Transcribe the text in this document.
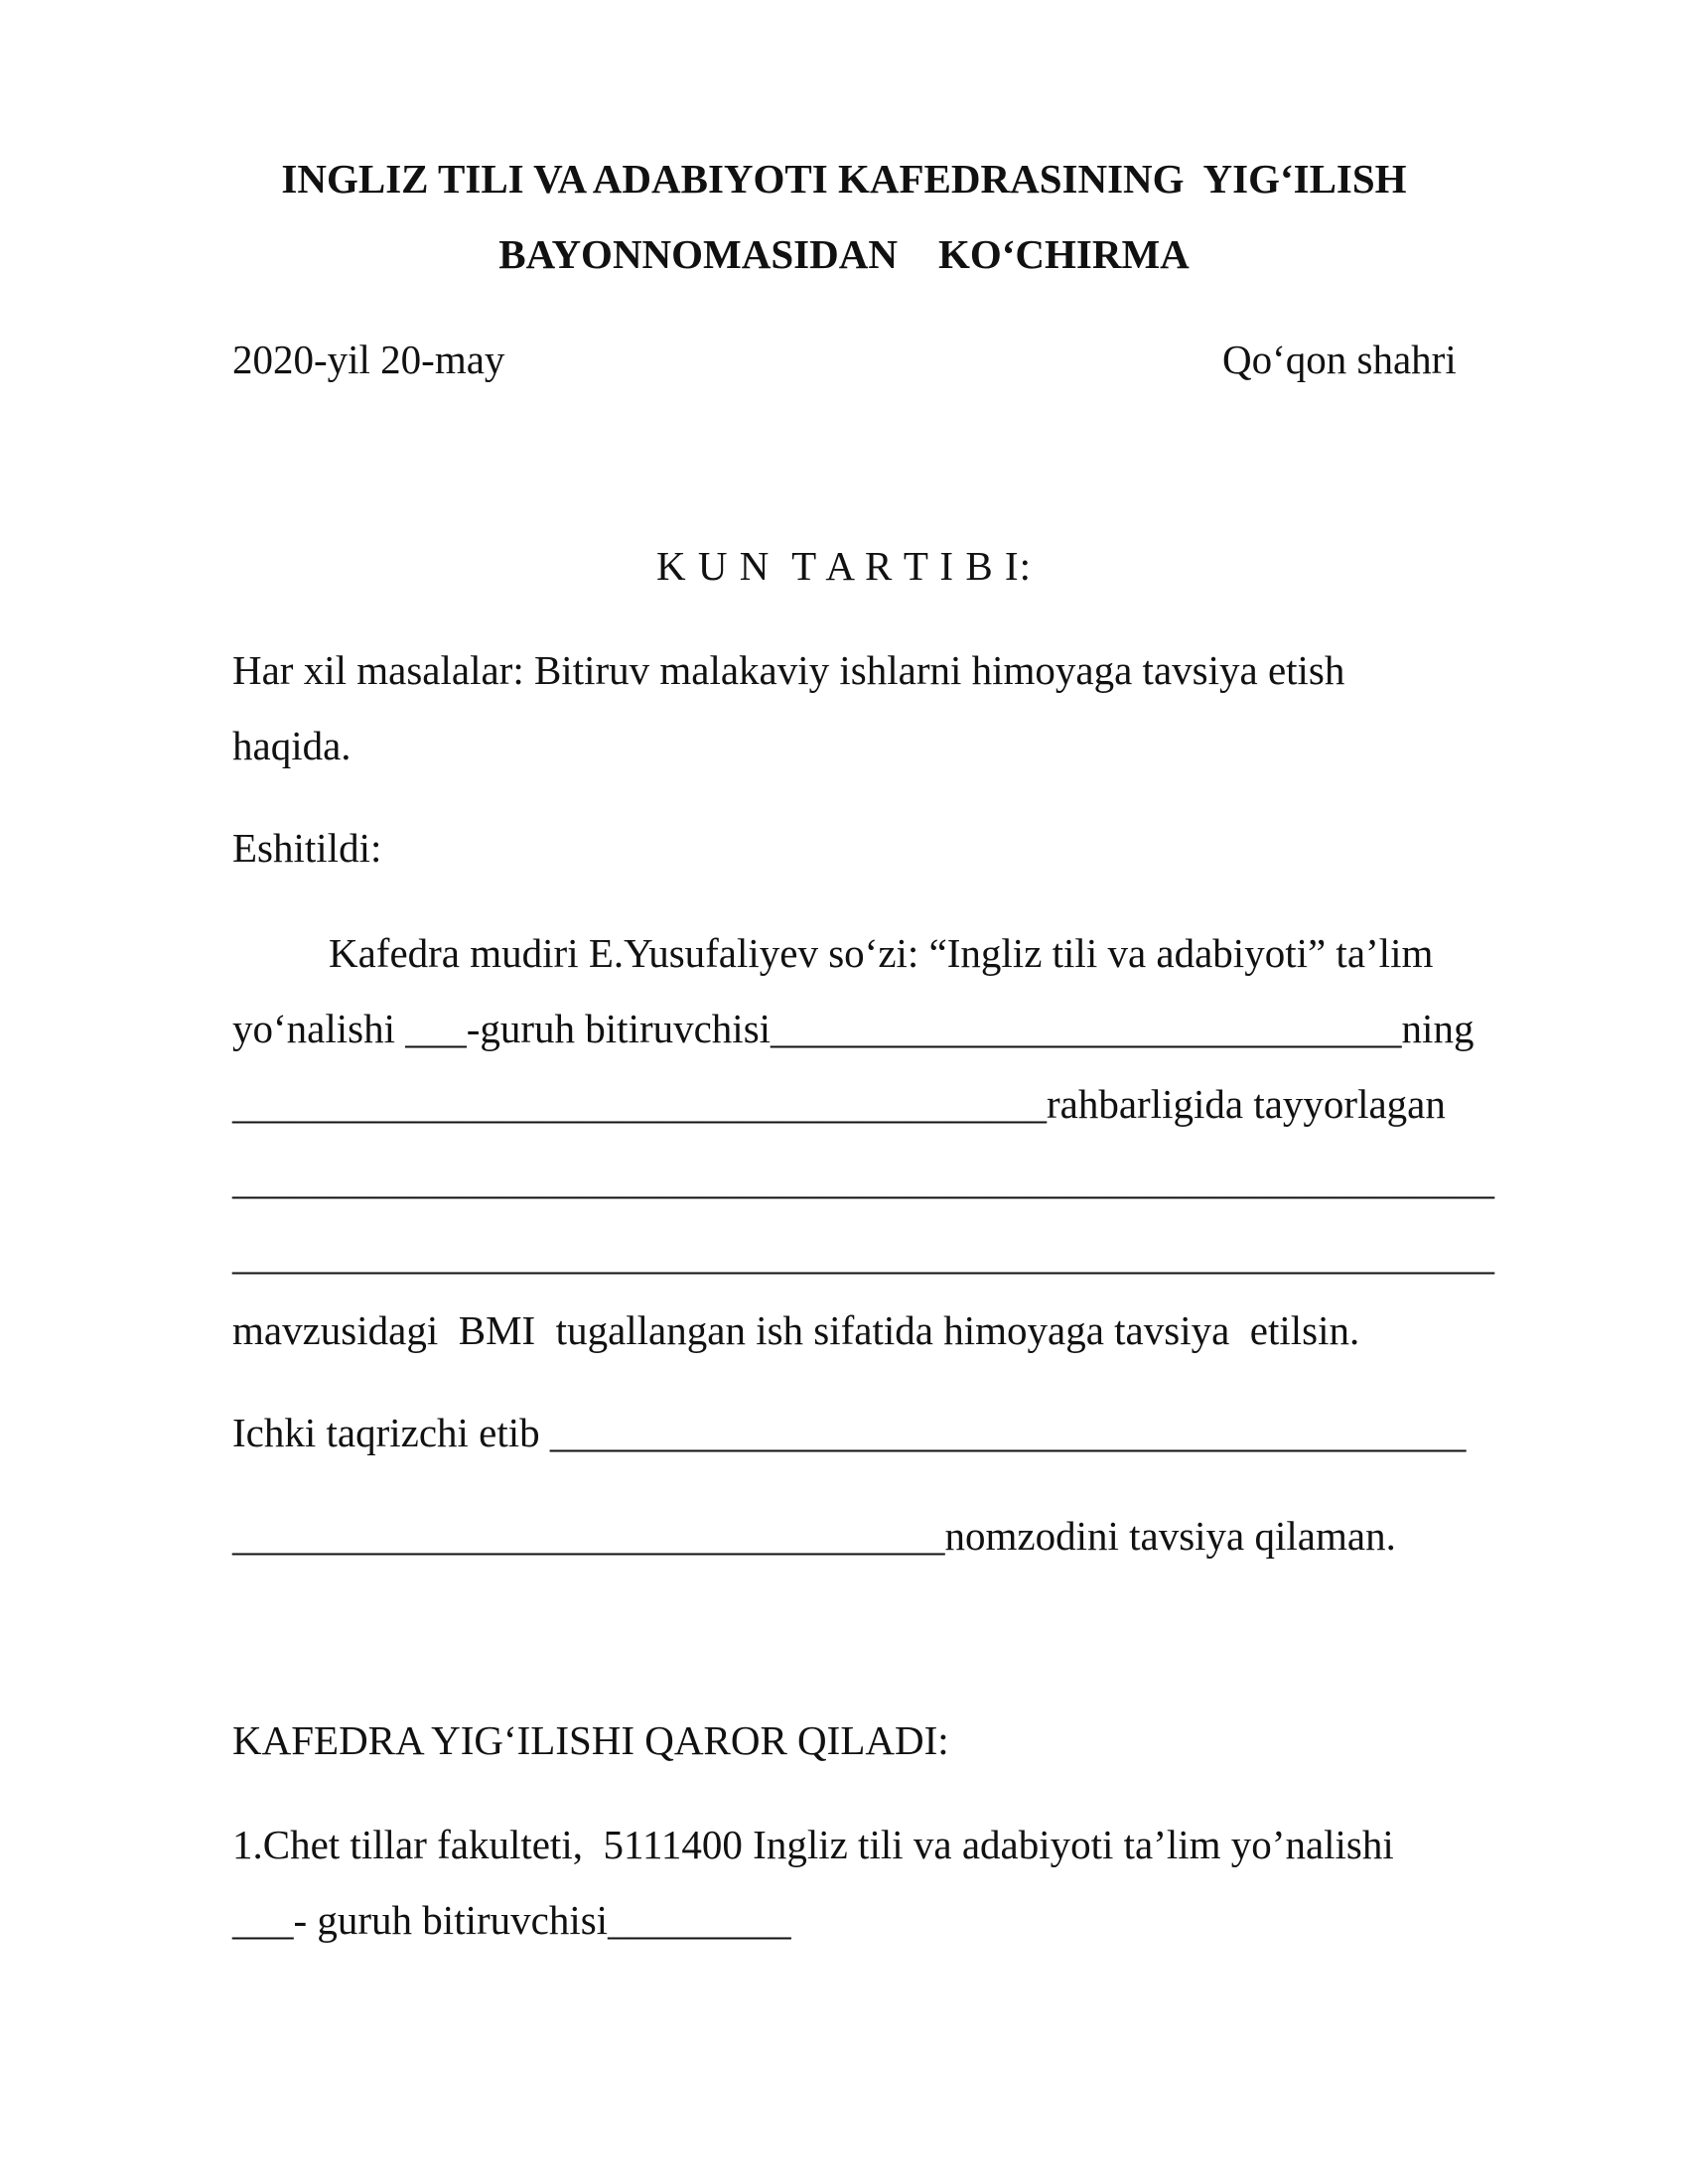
INGLIZ TILI VA ADABIYOTI KAFEDRASINING  YIG‘ILISH
BAYONNOMASIDAN    KO‘CHIRMA
2020-yil 20-may	Qo‘qon shahri
K U N  T A R T I B I:
Har xil masalalar: Bitiruv malakaviy ishlarni himoyaga tavsiya etish
haqida.
Eshitildi:
Kafedra mudiri E.Yusufaliyev so‘zi: “Ingliz tili va adabiyoti” ta’lim
yo‘nalishi ___-guruh bitiruvchisi_______________________________ning
________________________________________rahbarligida tayyorlagan
______________________________________________________________
______________________________________________________________
mavzusidagi  BMI  tugallangan ish sifatida himoyaga tavsiya  etilsin.
Ichki taqrizchi etib _____________________________________________
___________________________________nomzodini tavsiya qilaman.
KAFEDRA YIG‘ILISHI QAROR QILADI:
1.Chet tillar fakulteti,  5111400 Ingliz tili va adabiyoti ta’lim yo’nalishi
___- guruh bitiruvchisi_________
